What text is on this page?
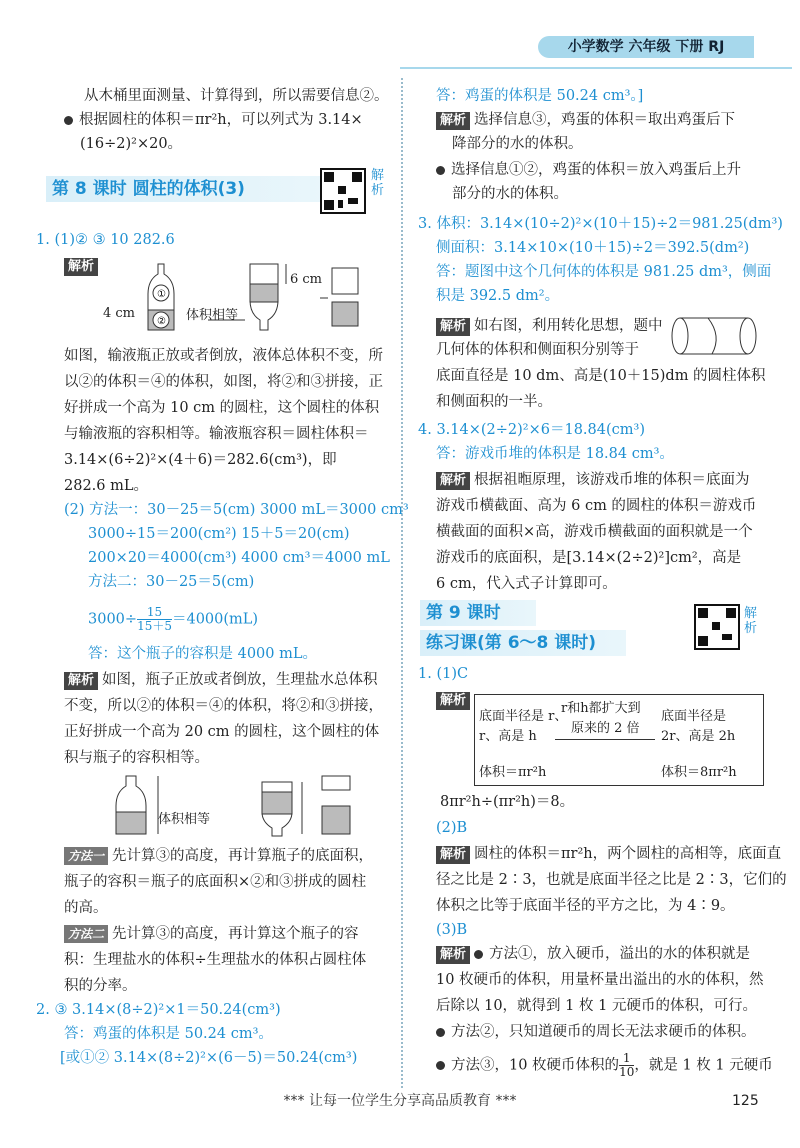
小学数学 六年级 下册 RJ
从木桶里面测量、计算得到，所以需要信息②。
根据圆柱的体积＝πr²h，可以列式为 3.14×
(16÷2)²×20。
第 8 课时 圆柱的体积(3)
解析
1. (1)② ③ 10 282.6
解析
①
②
4 cm
6 cm
体积相等
如图，输液瓶正放或者倒放，液体总体积不变，所
以②的体积＝④的体积，如图，将②和③拼接，正
好拼成一个高为 10 cm 的圆柱，这个圆柱的体积
与输液瓶的容积相等。输液瓶容积＝圆柱体积＝
3.14×(6÷2)²×(4＋6)＝282.6(cm³)，即
282.6 mL。
(2) 方法一：30－25＝5(cm) 3000 mL＝3000 cm³
3000÷15＝200(cm²) 15＋5＝20(cm)
200×20＝4000(cm³) 4000 cm³＝4000 mL
方法二：30－25＝5(cm)
$3000\div \frac{15}{15+5} =4000(mL)$
答：这个瓶子的容积是 4000 mL。
解析 如图，瓶子正放或者倒放，生理盐水总体积
不变，所以②的体积＝④的体积，将②和③拼接，
正好拼成一个高为 20 cm 的圆柱，这个圆柱的体
积与瓶子的容积相等。
体积相等
方法一 先计算③的高度，再计算瓶子的底面积，
瓶子的容积＝瓶子的底面积×②和③拼成的圆柱
的高。
方法二 先计算③的高度，再计算这个瓶子的容
积：生理盐水的体积÷生理盐水的体积占圆柱体
积的分率。
2. ③ 3.14×(8÷2)²×1＝50.24(cm³)
答：鸡蛋的体积是 50.24 cm³。
[或①② 3.14×(8÷2)²×(6－5)＝50.24(cm³)
答：鸡蛋的体积是 50.24 cm³。]
解析 选择信息③，鸡蛋的体积＝取出鸡蛋后下
降部分的水的体积。
选择信息①②，鸡蛋的体积＝放入鸡蛋后上升
部分的水的体积。
3. 体积：3.14×(10÷2)²×(10＋15)÷2＝981.25(dm³)
侧面积：3.14×10×(10＋15)÷2＝392.5(dm²)
答：题图中这个几何体的体积是 981.25 dm³，侧面
积是 392.5 dm²。
解析 如右图，利用转化思想，题中
几何体的体积和侧面积分别等于
底面直径是 10 dm、高是(10＋15)dm 的圆柱体积
和侧面积的一半。
4. 3.14×(2÷2)²×6＝18.84(cm³)
答：游戏币堆的体积是 18.84 cm³。
解析 根据祖暅原理，该游戏币堆的体积＝底面为
游戏币横截面、高为 6 cm 的圆柱的体积＝游戏币
横截面的面积×高，游戏币横截面的面积就是一个
游戏币的底面积，是[3.14×(2÷2)²]cm²，高是
6 cm，代入式子计算即可。
第 9 课时
练习课(第 6～8 课时)
解析
1. (1)C
解析
底面半径是 r、
r、高是 h
r和h都扩大到
原来的 2 倍
底面半径是
2r、高是 2h
体积＝πr²h	体积＝8πr²h
8πr²h÷(πr²h)＝8。
(2)B
解析 圆柱的体积＝πr²h，两个圆柱的高相等，底面直
径之比是 2∶3，也就是底面半径之比是 2∶3，它们的
体积之比等于底面半径的平方之比，为 4∶9。
(3)B
解析 方法①，放入硬币，溢出的水的体积就是
10 枚硬币的体积，用量杯量出溢出的水的体积，然
后除以 10，就得到 1 枚 1 元硬币的体积，可行。
方法②，只知道硬币的周长无法求硬币的体积。
方法③，10 枚硬币体积的 $\frac{1}{10}$ ，就是 1 枚 1 元硬币
*** 让每一位学生分享高品质教育 ***	125
